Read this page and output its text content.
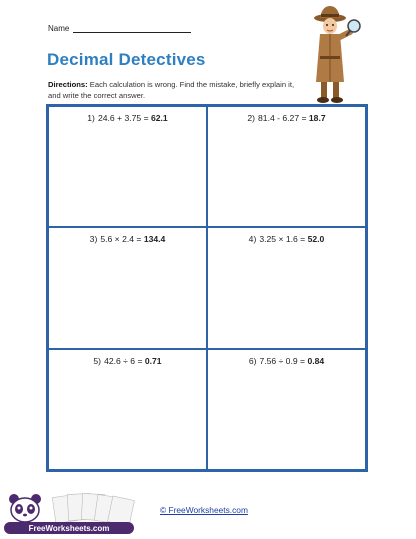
Name
Decimal Detectives
Directions: Each calculation is wrong. Find the mistake, briefly explain it, and write the correct answer.
1) 24.6 + 3.75 = 62.1	2) 81.4 - 6.27 = 18.7
3) 5.6 × 2.4 = 134.4	4) 3.25 × 1.6 = 52.0
5) 42.6 ÷ 6 = 0.71	6) 7.56 ÷ 0.9 = 0.84
FreeWorksheets.com
© FreeWorksheets.com
